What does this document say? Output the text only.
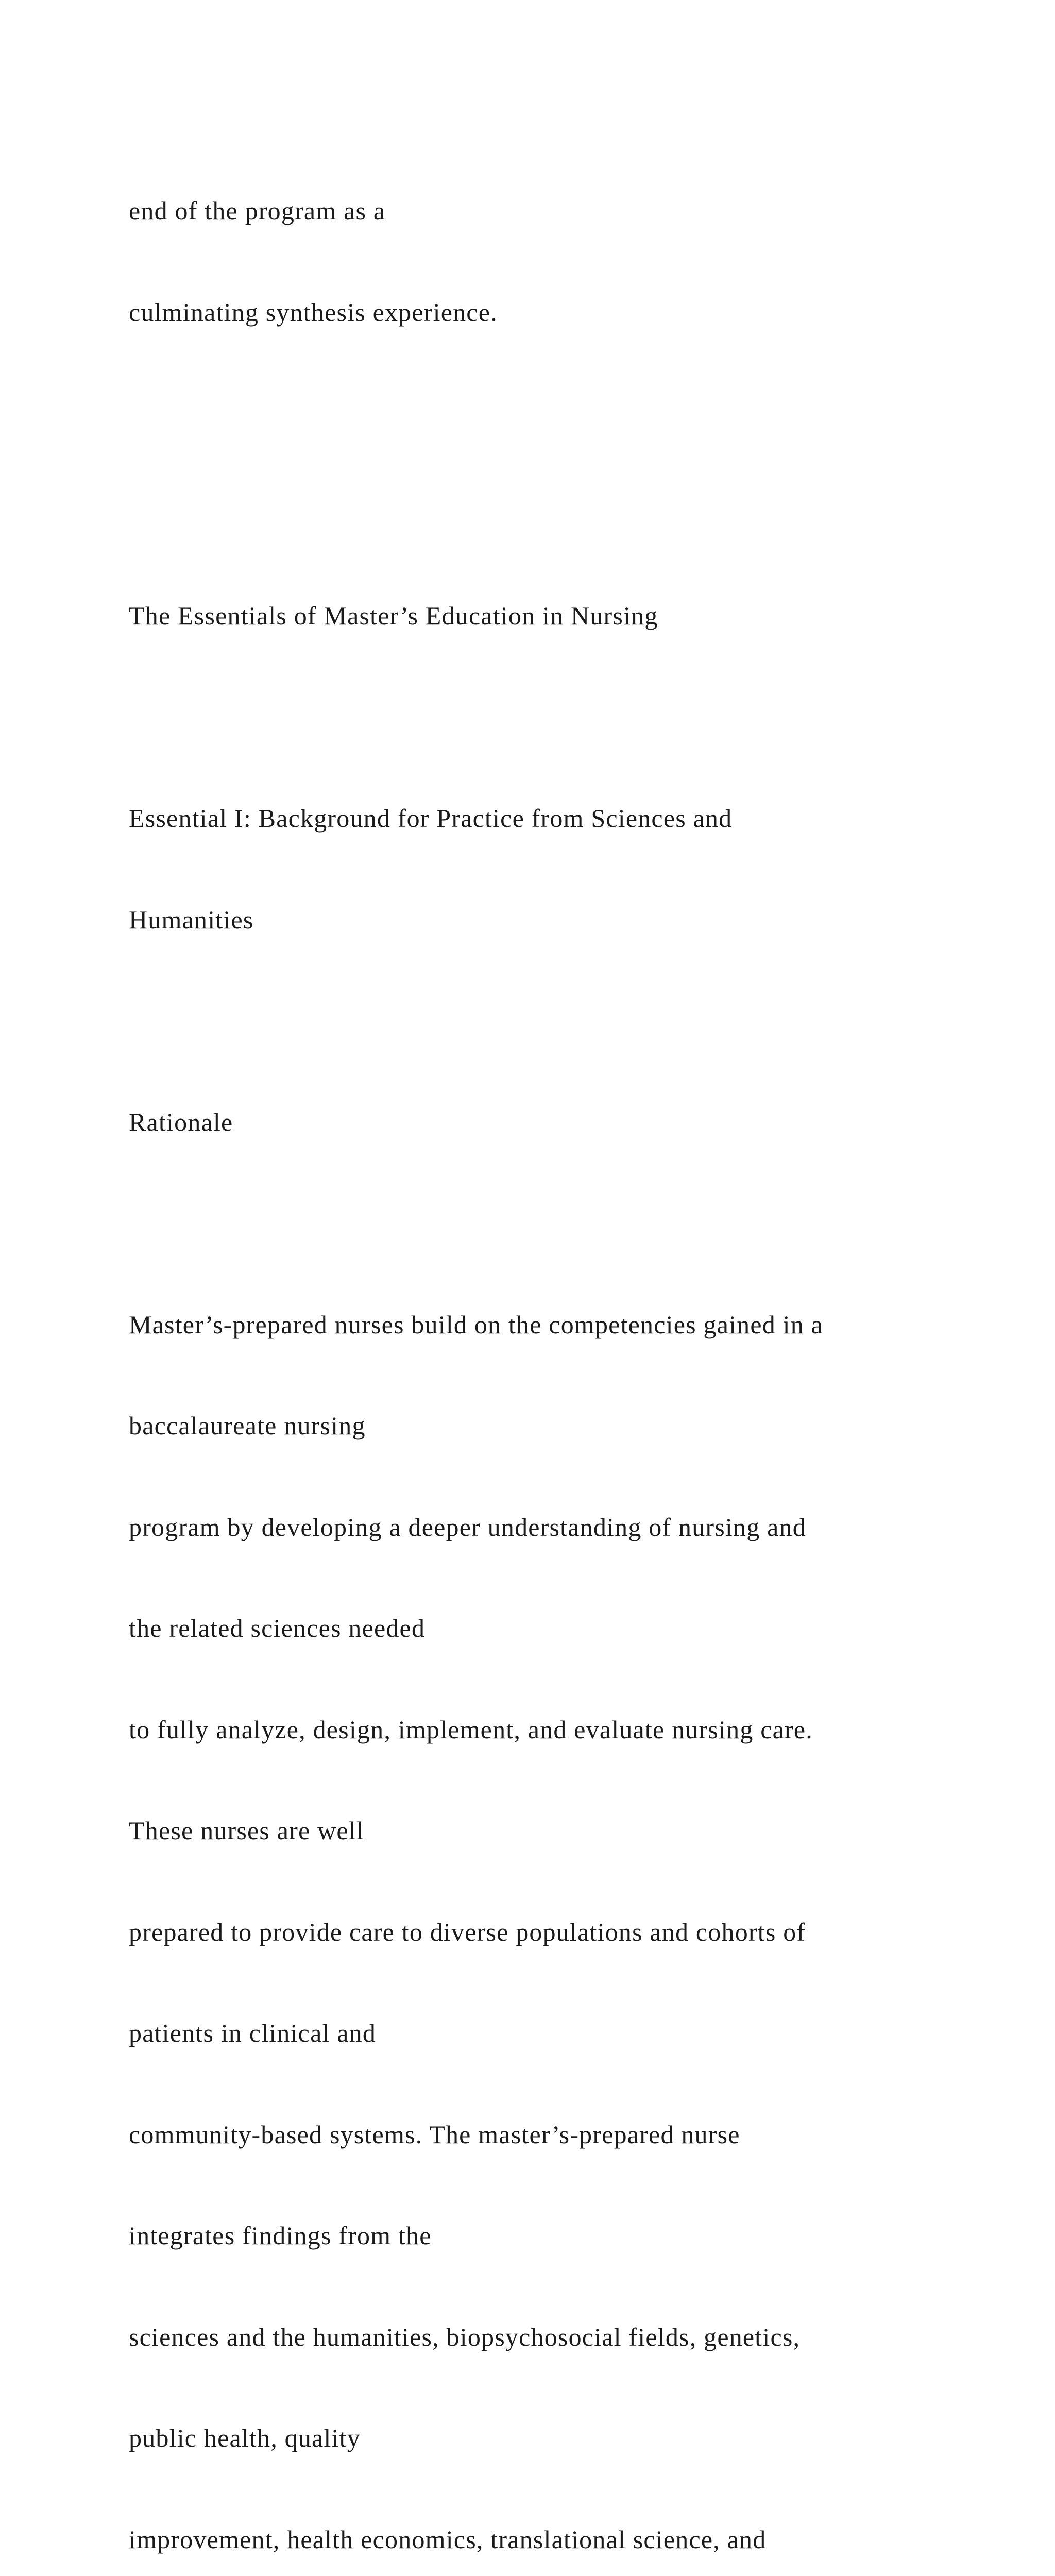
end of the program as a

culminating synthesis experience.

The Essentials of Master’s Education in Nursing

Essential I: Background for Practice from Sciences and

Humanities

Rationale

Master’s-prepared nurses build on the competencies gained in a

baccalaureate nursing

program by developing a deeper understanding of nursing and

the related sciences needed

to fully analyze, design, implement, and evaluate nursing care.

These nurses are well

prepared to provide care to diverse populations and cohorts of

patients in clinical and

community-based systems. The master’s-prepared nurse

integrates findings from the

sciences and the humanities, biopsychosocial fields, genetics,

public health, quality

improvement, health economics, translational science, and
